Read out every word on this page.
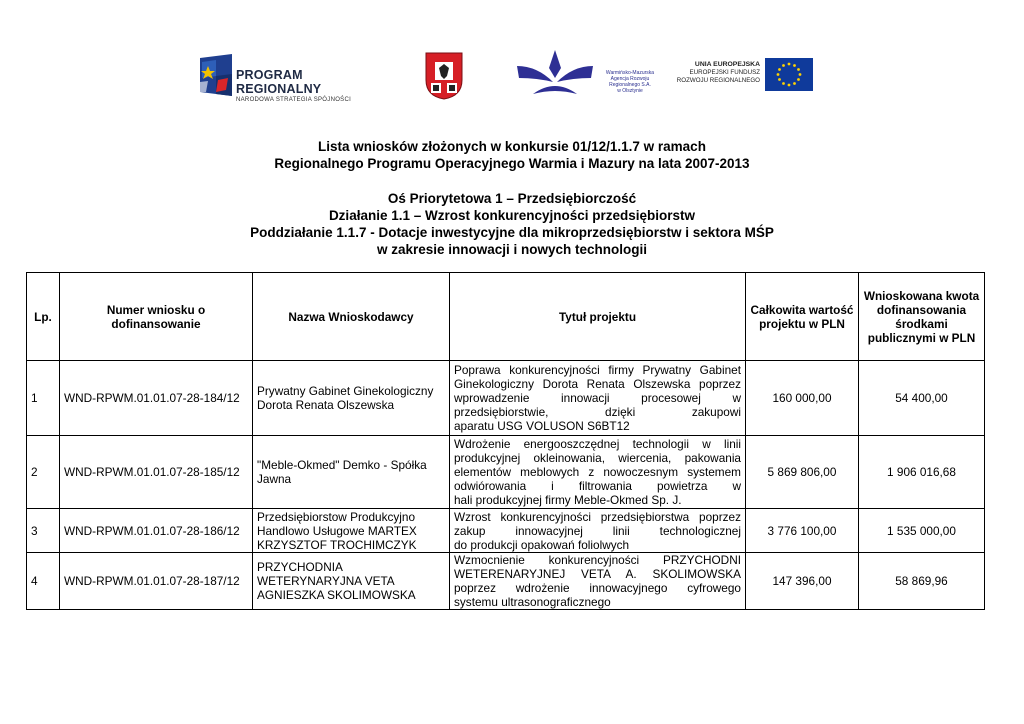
PROGRAM REGIONALNY
NARODOWA STRATEGIA SPÓJNOŚCI
Warmińsko-Mazurska
Agencja Rozwoju Regionalnego S.A.
w Olsztynie
UNIA EUROPEJSKA
EUROPEJSKI FUNDUSZ
ROZWOJU REGIONALNEGO
Lista wniosków złożonych w konkursie 01/12/1.1.7 w ramach
Regionalnego Programu Operacyjnego Warmia i Mazury na lata 2007-2013
Oś Priorytetowa 1 – Przedsiębiorczość
Działanie 1.1 – Wzrost konkurencyjności przedsiębiorstw
Poddziałanie 1.1.7 - Dotacje inwestycyjne dla mikroprzedsiębiorstw i sektora MŚP
w zakresie innowacji i nowych technologii
Lp.	Numer wniosku o dofinansowanie	Nazwa Wnioskodawcy	Tytuł projektu	Całkowita wartość projektu w PLN	Wnioskowana kwota dofinansowania środkami publicznymi w PLN
1	WND-RPWM.01.01.07-28-184/12	Prywatny Gabinet Ginekologiczny Dorota Renata Olszewska	Poprawa konkurencyjności firmy Prywatny Gabinet Ginekologiczny Dorota Renata Olszewska poprzez wprowadzenie innowacji procesowej w przedsiębiorstwie, dzięki zakupowi
aparatu USG VOLUSON S6BT12	160 000,00	54 400,00
2	WND-RPWM.01.01.07-28-185/12	"Meble-Okmed" Demko - Spółka Jawna	Wdrożenie energooszczędnej technologii w linii produkcyjnej okleinowania, wiercenia, pakowania elementów meblowych z nowoczesnym systemem odwiórowania i filtrowania powietrza w
hali produkcyjnej firmy Meble-Okmed Sp. J.	5 869 806,00	1 906 016,68
3	WND-RPWM.01.01.07-28-186/12	Przedsiębiorstow Produkcyjno Handlowo Usługowe MARTEX KRZYSZTOF TROCHIMCZYK	Wzrost konkurencyjności przedsiębiorstwa poprzez zakup innowacyjnej linii technologicznej
do produkcji opakowań foliolwych	3 776 100,00	1 535 000,00
4	WND-RPWM.01.01.07-28-187/12	PRZYCHODNIA WETERYNARYJNA VETA AGNIESZKA SKOLIMOWSKA	Wzmocnienie konkurencyjności PRZYCHODNI WETERENARYJNEJ VETA A. SKOLIMOWSKA poprzez wdrożenie innowacyjnego cyfrowego
systemu ultrasonograficznego	147 396,00	58 869,96
